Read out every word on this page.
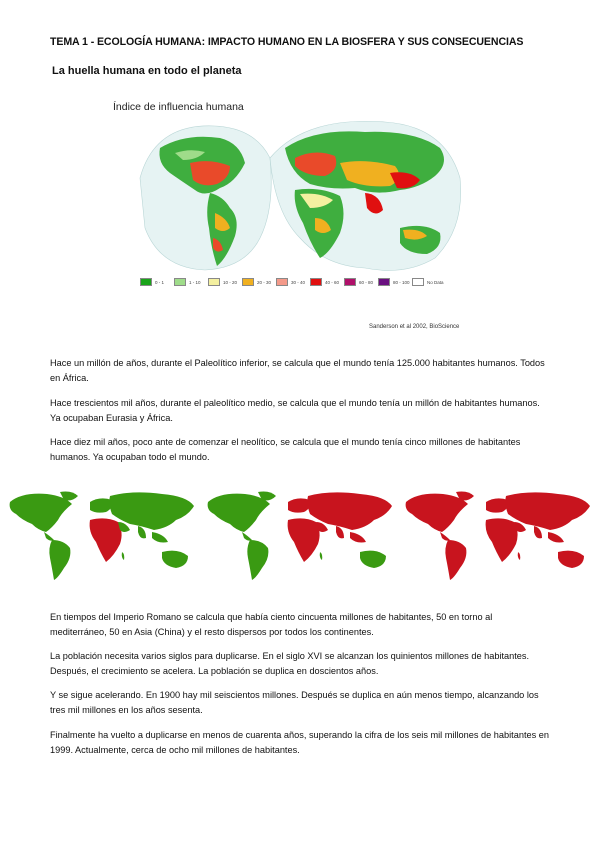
TEMA 1 - ECOLOGÍA HUMANA: IMPACTO HUMANO EN LA BIOSFERA Y SUS CONSECUENCIAS
La huella humana en todo el planeta
Índice de influencia humana
0 - 1	1 - 10	10 - 20	20 - 30	30 - 40	40 - 60	60 - 80	80 - 100	No Data
Sanderson et al 2002, BioScience
Hace un millón de años, durante el Paleolítico inferior, se calcula que el mundo tenía 125.000 habitantes humanos. Todos en África.
Hace trescientos mil años, durante el paleolítico medio, se calcula que el mundo tenía un millón de habitantes humanos. Ya ocupaban Eurasia y África.
Hace diez mil años, poco ante de comenzar el neolítico, se calcula que el mundo tenía cinco millones de habitantes humanos. Ya ocupaban todo el mundo.
En tiempos del Imperio Romano se calcula que había ciento cincuenta millones de habitantes, 50 en torno al mediterráneo, 50 en Asia (China) y el resto dispersos por todos los continentes.
La población necesita varios siglos para duplicarse. En el siglo XVI se alcanzan los quinientos millones de habitantes. Después, el crecimiento se acelera. La población se duplica en doscientos años.
Y se sigue acelerando. En 1900 hay mil seiscientos millones. Después se duplica en aún menos tiempo, alcanzando los tres mil millones en los años sesenta.
Finalmente ha vuelto a duplicarse en menos de cuarenta años, superando la cifra de los seis mil millones de habitantes en 1999. Actualmente, cerca de ocho mil millones de habitantes.
